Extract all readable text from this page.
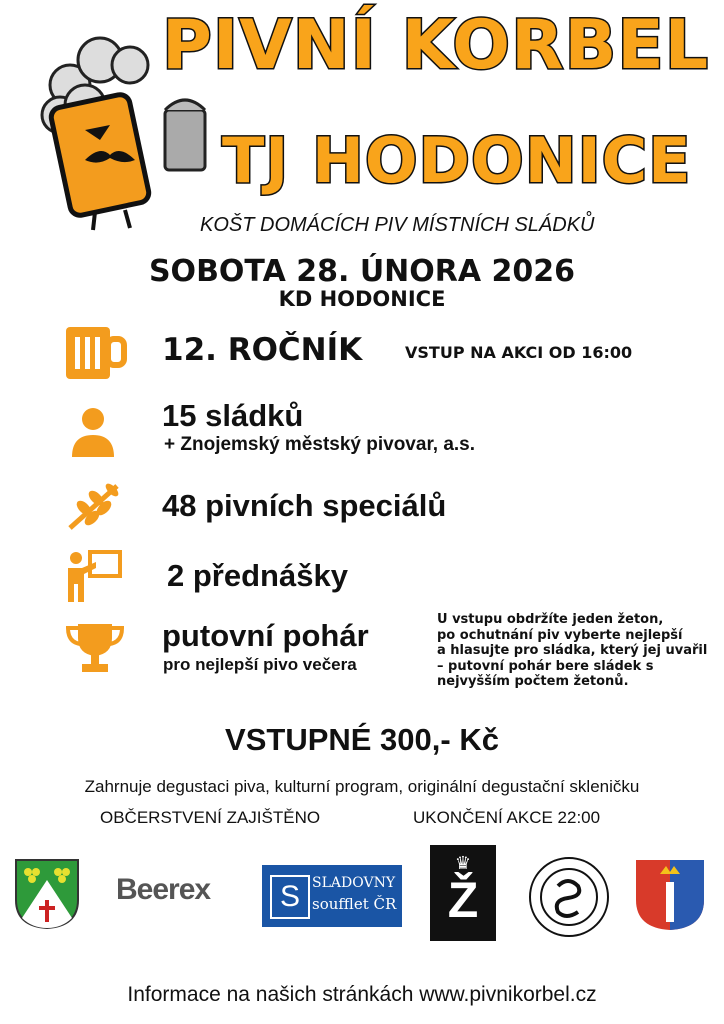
PIVNÍ KORBEL
TJ HODONICE
KOŠT DOMÁCÍCH PIV MÍSTNÍCH SLÁDKŮ
SOBOTA 28. ÚNORA 2026
KD HODONICE
12. ROČNÍK	VSTUP NA AKCI OD 16:00
15 sládků
+ Znojemský městský pivovar, a.s.
48 pivních speciálů
2 přednášky
putovní pohár
pro nejlepší pivo večera
U vstupu obdržíte jeden žeton,
po ochutnání piv vyberte nejlepší
a hlasujte pro sládka, který jej uvařil
– putovní pohár bere sládek s
nejvyšším počtem žetonů.
VSTUPNÉ 300,- Kč
Zahrnuje degustaci piva, kulturní program, originální degustační skleničku
OBČERSTVENÍ ZAJIŠTĚNO	UKONČENÍ AKCE 22:00
Beerex	S SLADOVNY
soufflet ČR
♛
Ž
Informace na našich stránkách www.pivnikorbel.cz
